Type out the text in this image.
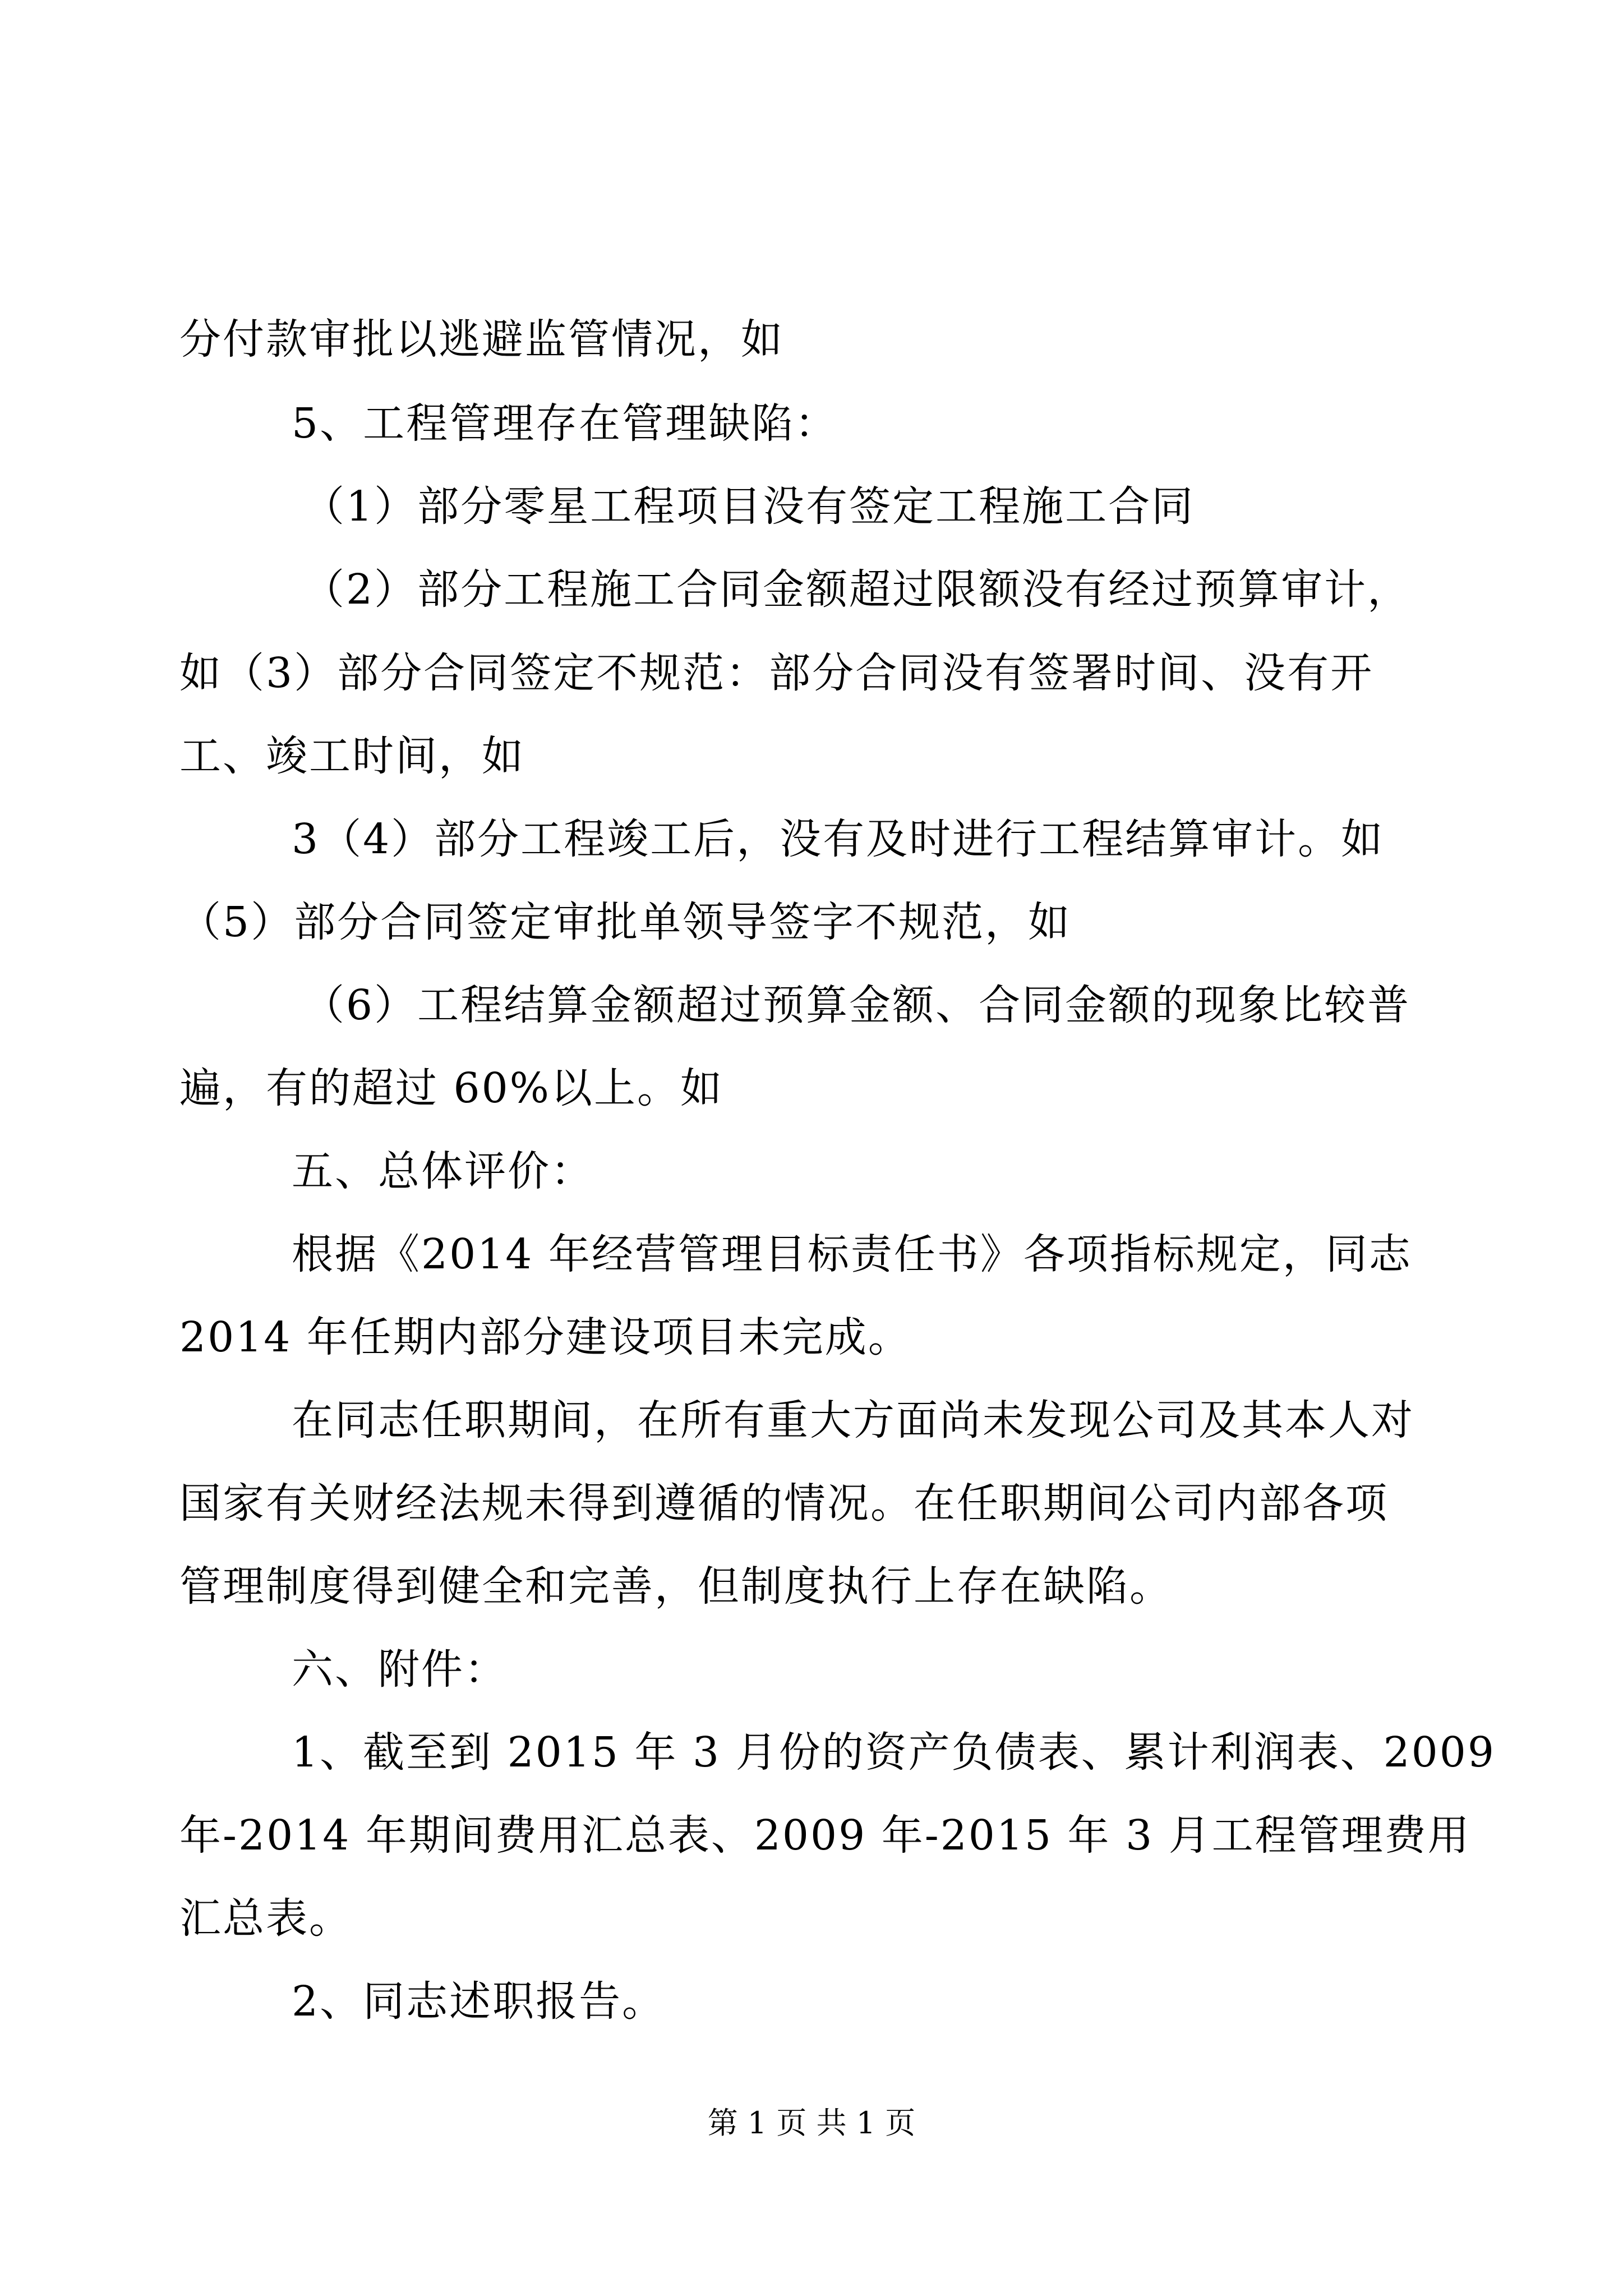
分付款审批以逃避监管情况，如
5、工程管理存在管理缺陷：
（1）部分零星工程项目没有签定工程施工合同
（2）部分工程施工合同金额超过限额没有经过预算审计，
如（3）部分合同签定不规范：部分合同没有签署时间、没有开
工、竣工时间，如
3（4）部分工程竣工后，没有及时进行工程结算审计。如
（5）部分合同签定审批单领导签字不规范，如
（6）工程结算金额超过预算金额、合同金额的现象比较普
遍，有的超过 60%以上。如
五、总体评价：
根据《2014 年经营管理目标责任书》各项指标规定，同志
2014 年任期内部分建设项目未完成。
在同志任职期间，在所有重大方面尚未发现公司及其本人对
国家有关财经法规未得到遵循的情况。在任职期间公司内部各项
管理制度得到健全和完善，但制度执行上存在缺陷。
六、附件：
1、截至到 2015 年 3 月份的资产负债表、累计利润表、2009
年-2014 年期间费用汇总表、2009 年-2015 年 3 月工程管理费用
汇总表。
2、同志述职报告。
第 1 页 共 1 页
